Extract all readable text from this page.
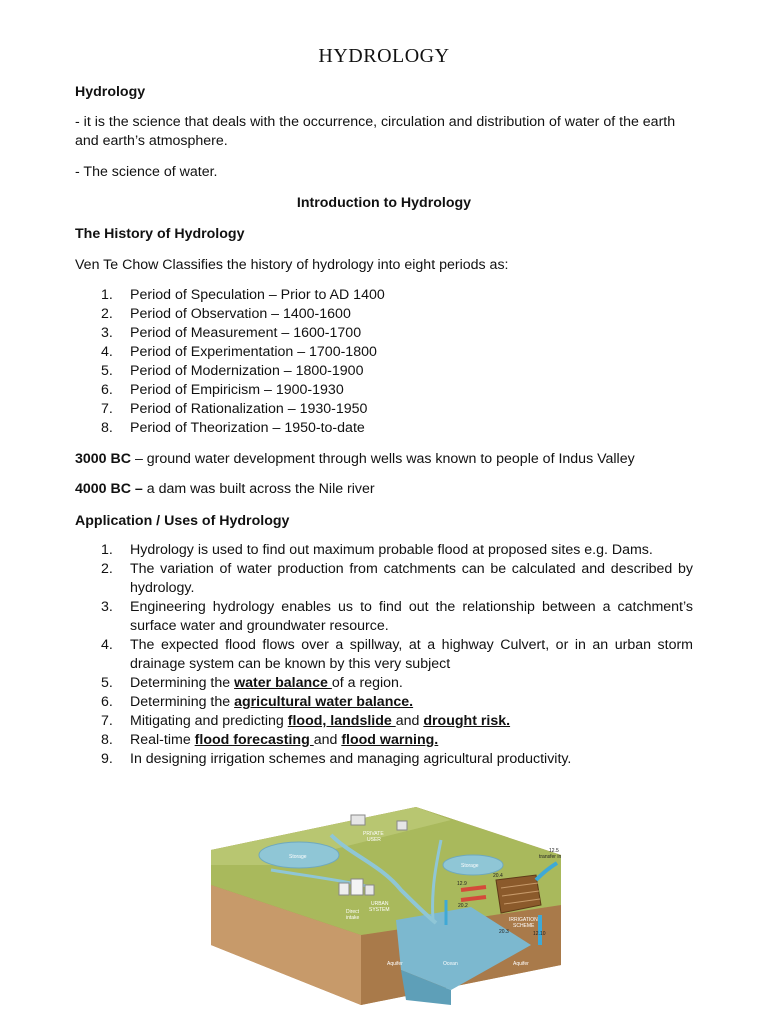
HYDROLOGY
Hydrology
- it is the science that deals with the occurrence, circulation and distribution of water of the earth and earth’s atmosphere.
- The science of water.
Introduction to Hydrology
The History of Hydrology
Ven Te Chow Classifies the history of hydrology into eight periods as:
1.	Period of Speculation – Prior to AD 1400
2.	Period of Observation – 1400-1600
3.	Period of Measurement – 1600-1700
4.	Period of Experimentation – 1700-1800
5.	Period of Modernization – 1800-1900
6.	Period of Empiricism – 1900-1930
7.	Period of Rationalization – 1930-1950
8.	Period of Theorization – 1950-to-date
3000 BC – ground water development through wells was known to people of Indus Valley
4000 BC – a dam was built across the Nile river
Application / Uses of Hydrology
1.	Hydrology is used to find out maximum probable flood at proposed sites e.g. Dams.
2.	The variation of water production from catchments can be calculated and described by hydrology.
3.	Engineering hydrology enables us to find out the relationship between a catchment’s surface water and groundwater resource.
4.	The expected flood flows over a spillway, at a highway Culvert, or in an urban storm drainage system can be known by this very subject
5.	Determining the water balance of a region.
6.	Determining the agricultural water balance.
7.	Mitigating and predicting flood, landslide and drought risk.
8.	Real-time flood forecasting and flood warning.
9.	In designing irrigation schemes and managing agricultural productivity.
PRIVATE
USER
Storage
Storage
URBAN
SYSTEM
IRRIGATION
SCHEME
Direct
intake
Ocean
Aquifer	Aquifer
12.5
transfer in
12.9
20.4
20.2
20.3	12.10
